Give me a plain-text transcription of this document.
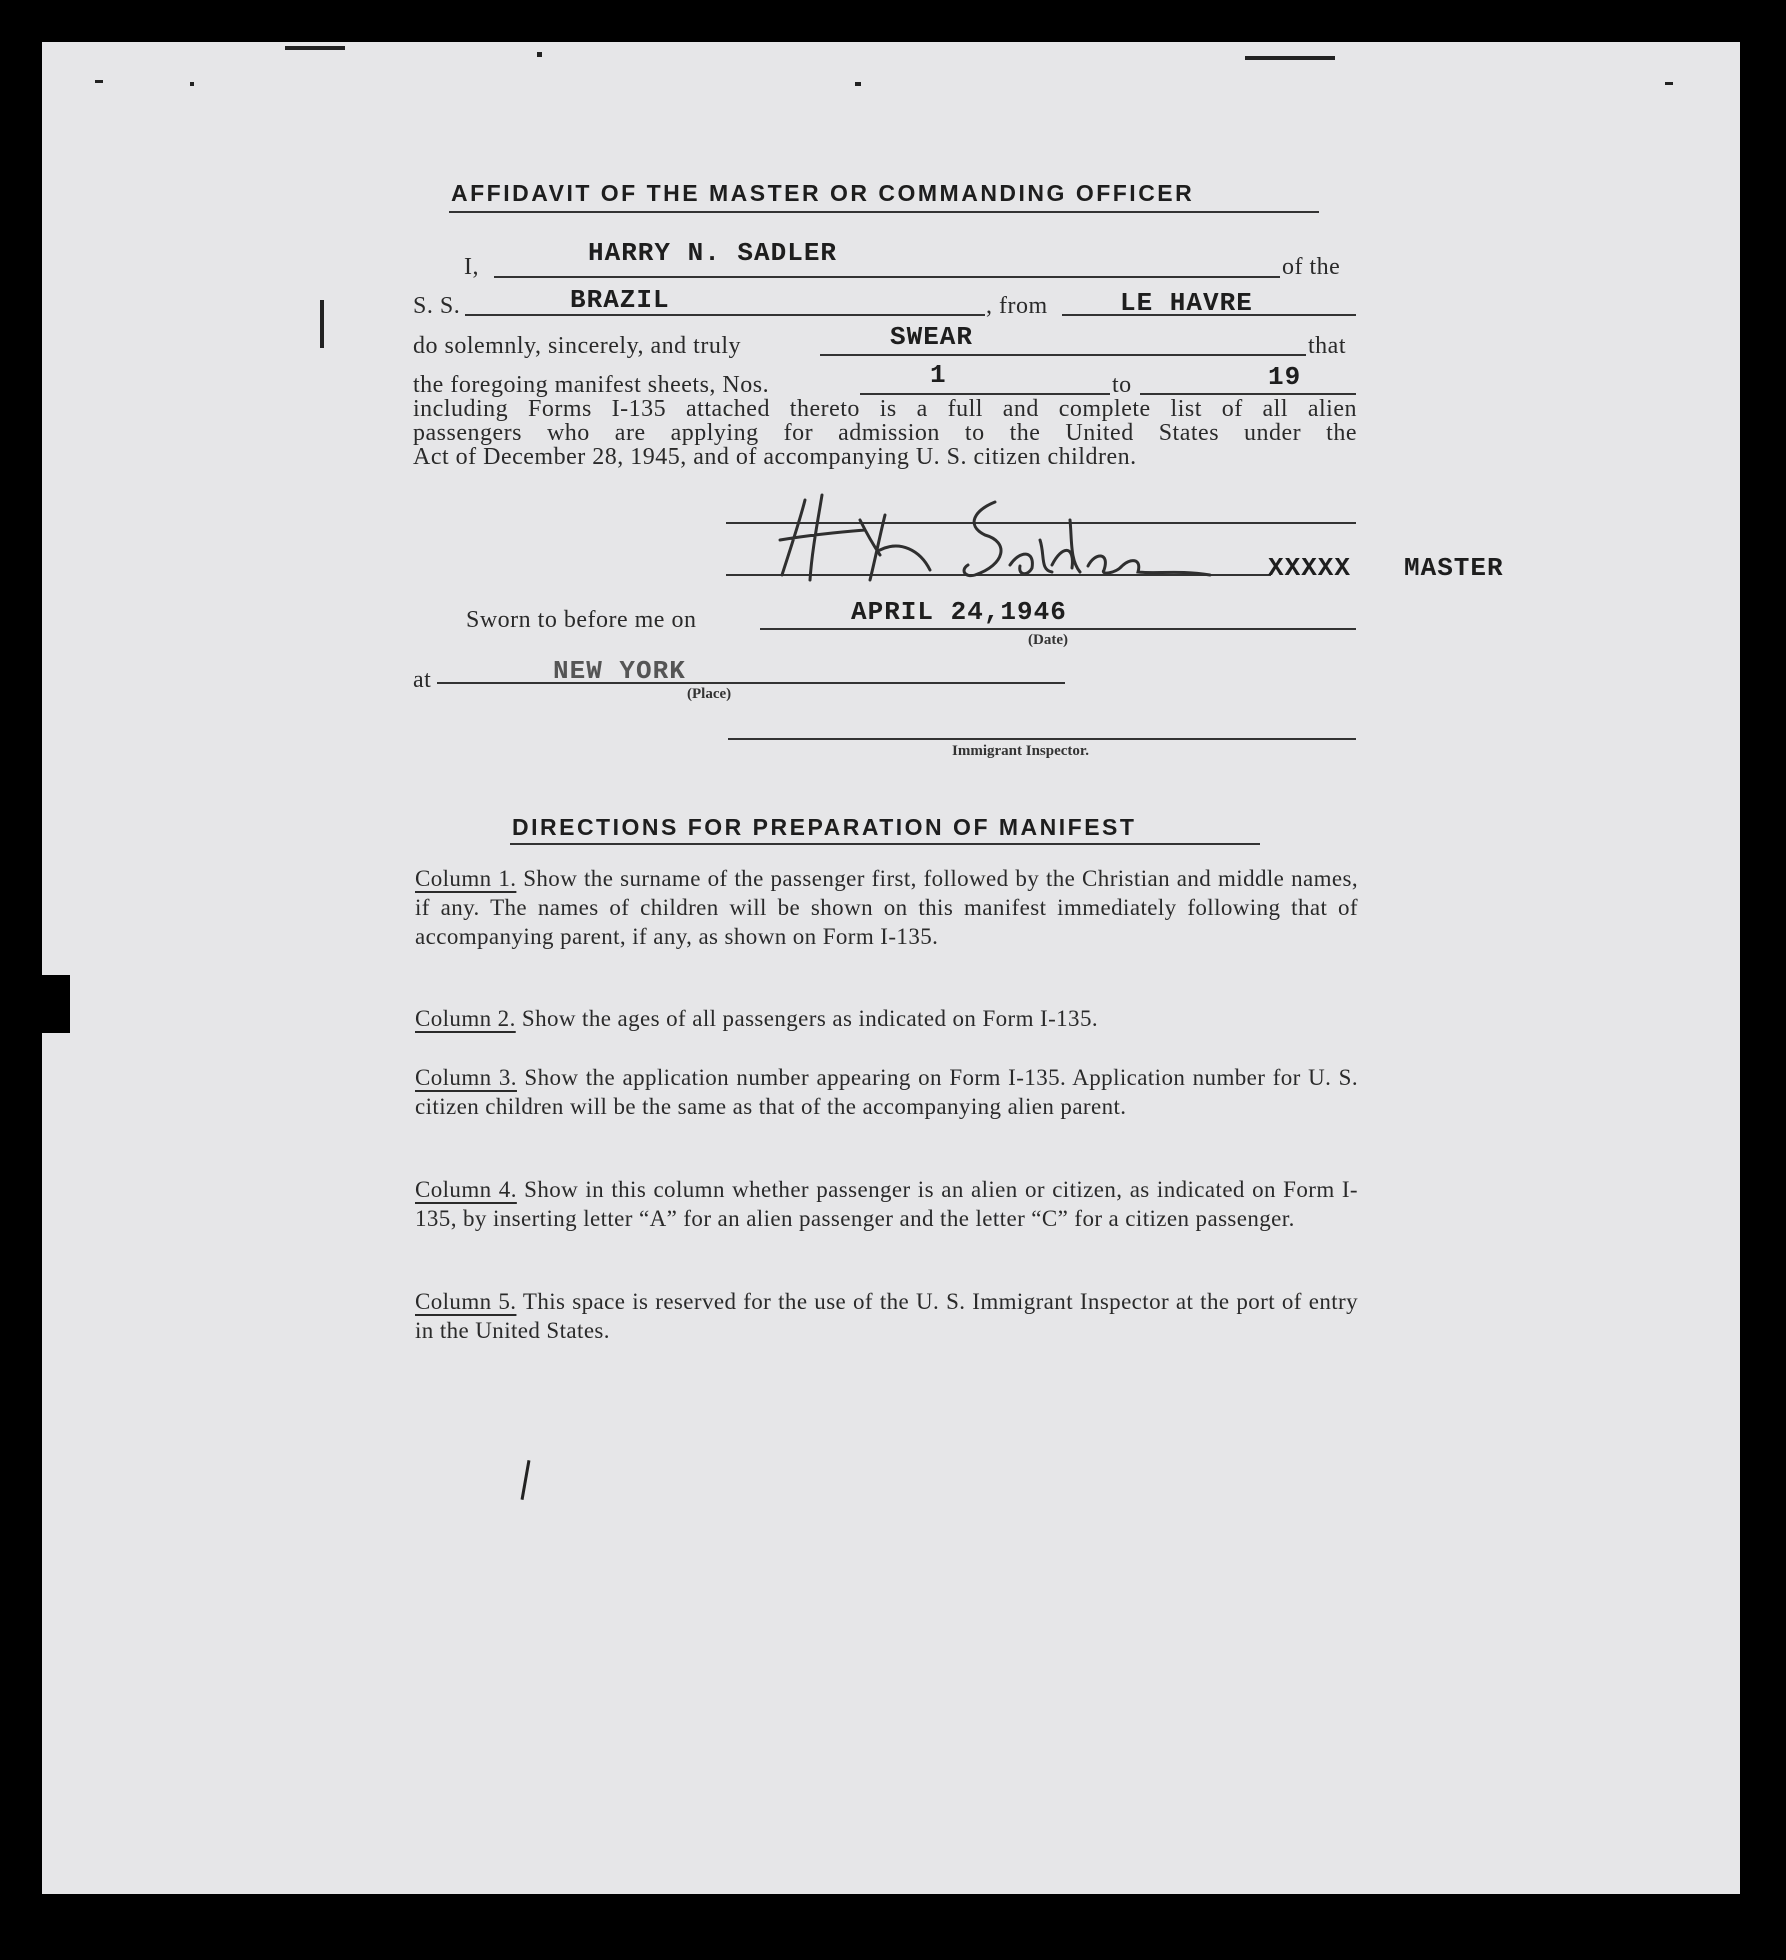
AFFIDAVIT OF THE MASTER OR COMMANDING OFFICER
I,	HARRY N. SADLER	of the
S. S.	BRAZIL	, from	LE HAVRE
do solemnly, sincerely, and truly	SWEAR	that
the foregoing manifest sheets, Nos.	1	to	19
including Forms I-135 attached thereto is a full and complete list of all alien
passengers who are applying for admission to the United States under the
Act of December 28, 1945, and of accompanying U. S. citizen children.
XXXXX MASTER
Sworn to before me on	APRIL 24,1946
(Date)
at	NEW YORK
(Place)
Immigrant Inspector.
DIRECTIONS FOR PREPARATION OF MANIFEST
Column 1. Show the surname of the passenger first, followed by the Christian and middle names, if any. The names of children will be shown on this manifest immediately following that of accompanying parent, if any, as shown on Form I-135.
Column 2. Show the ages of all passengers as indicated on Form I-135.
Column 3. Show the application number appearing on Form I-135. Application number for U. S. citizen children will be the same as that of the accompanying alien parent.
Column 4. Show in this column whether passenger is an alien or citizen, as indicated on Form I-135, by inserting letter “A” for an alien passenger and the letter “C” for a citizen passenger.
Column 5. This space is reserved for the use of the U. S. Immigrant Inspector at the port of entry in the United States.
